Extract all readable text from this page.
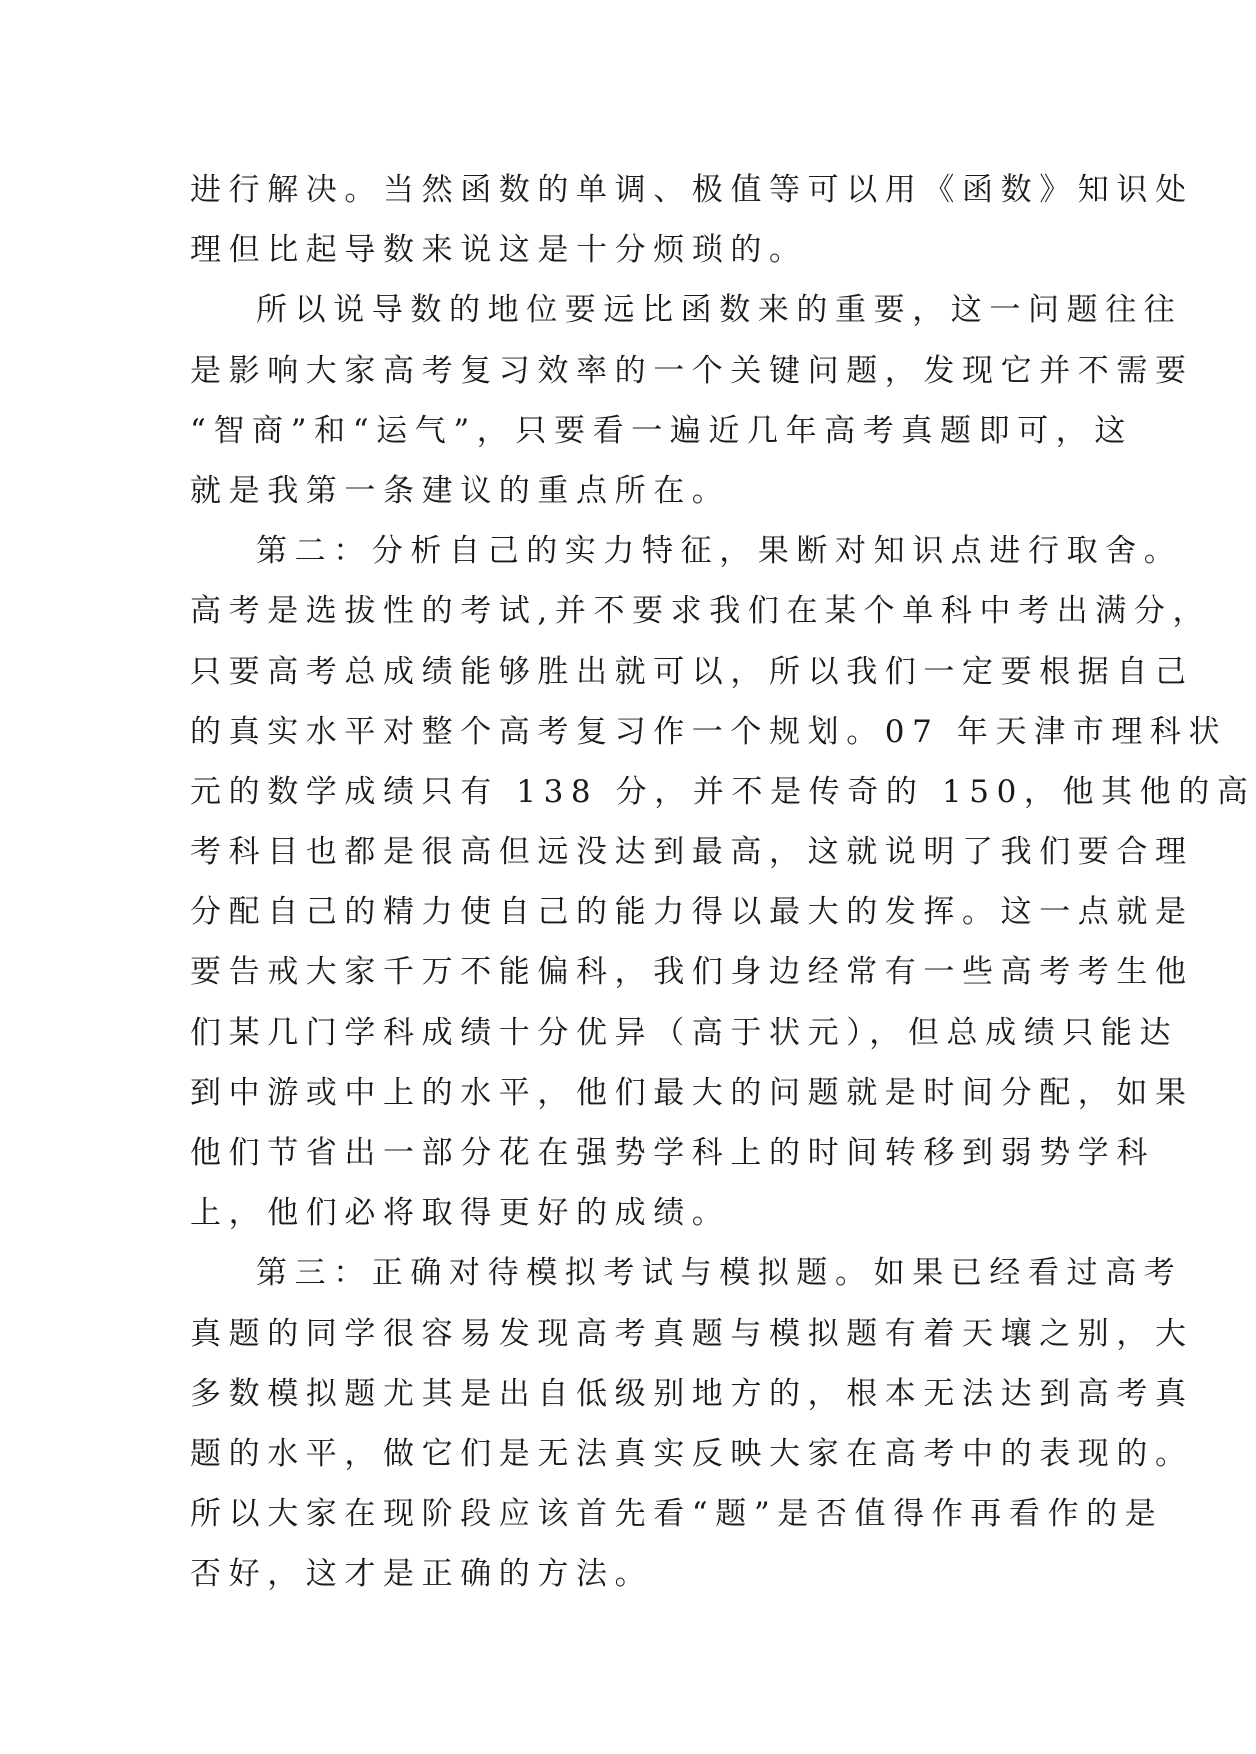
进行解决。当然函数的单调、极值等可以用《函数》知识处
理但比起导数来说这是十分烦琐的。
所以说导数的地位要远比函数来的重要，这一问题往往
是影响大家高考复习效率的一个关键问题，发现它并不需要
“智商”和“运气”，只要看一遍近几年高考真题即可，这
就是我第一条建议的重点所在。
第二：分析自己的实力特征，果断对知识点进行取舍。
高考是选拔性的考试,并不要求我们在某个单科中考出满分，
只要高考总成绩能够胜出就可以，所以我们一定要根据自己
的真实水平对整个高考复习作一个规划。07 年天津市理科状
元的数学成绩只有 138 分，并不是传奇的 150，他其他的高
考科目也都是很高但远没达到最高，这就说明了我们要合理
分配自己的精力使自己的能力得以最大的发挥。这一点就是
要告戒大家千万不能偏科，我们身边经常有一些高考考生他
们某几门学科成绩十分优异（高于状元），但总成绩只能达
到中游或中上的水平，他们最大的问题就是时间分配，如果
他们节省出一部分花在强势学科上的时间转移到弱势学科
上，他们必将取得更好的成绩。
第三：正确对待模拟考试与模拟题。如果已经看过高考
真题的同学很容易发现高考真题与模拟题有着天壤之别，大
多数模拟题尤其是出自低级别地方的，根本无法达到高考真
题的水平，做它们是无法真实反映大家在高考中的表现的。
所以大家在现阶段应该首先看“题”是否值得作再看作的是
否好，这才是正确的方法。
